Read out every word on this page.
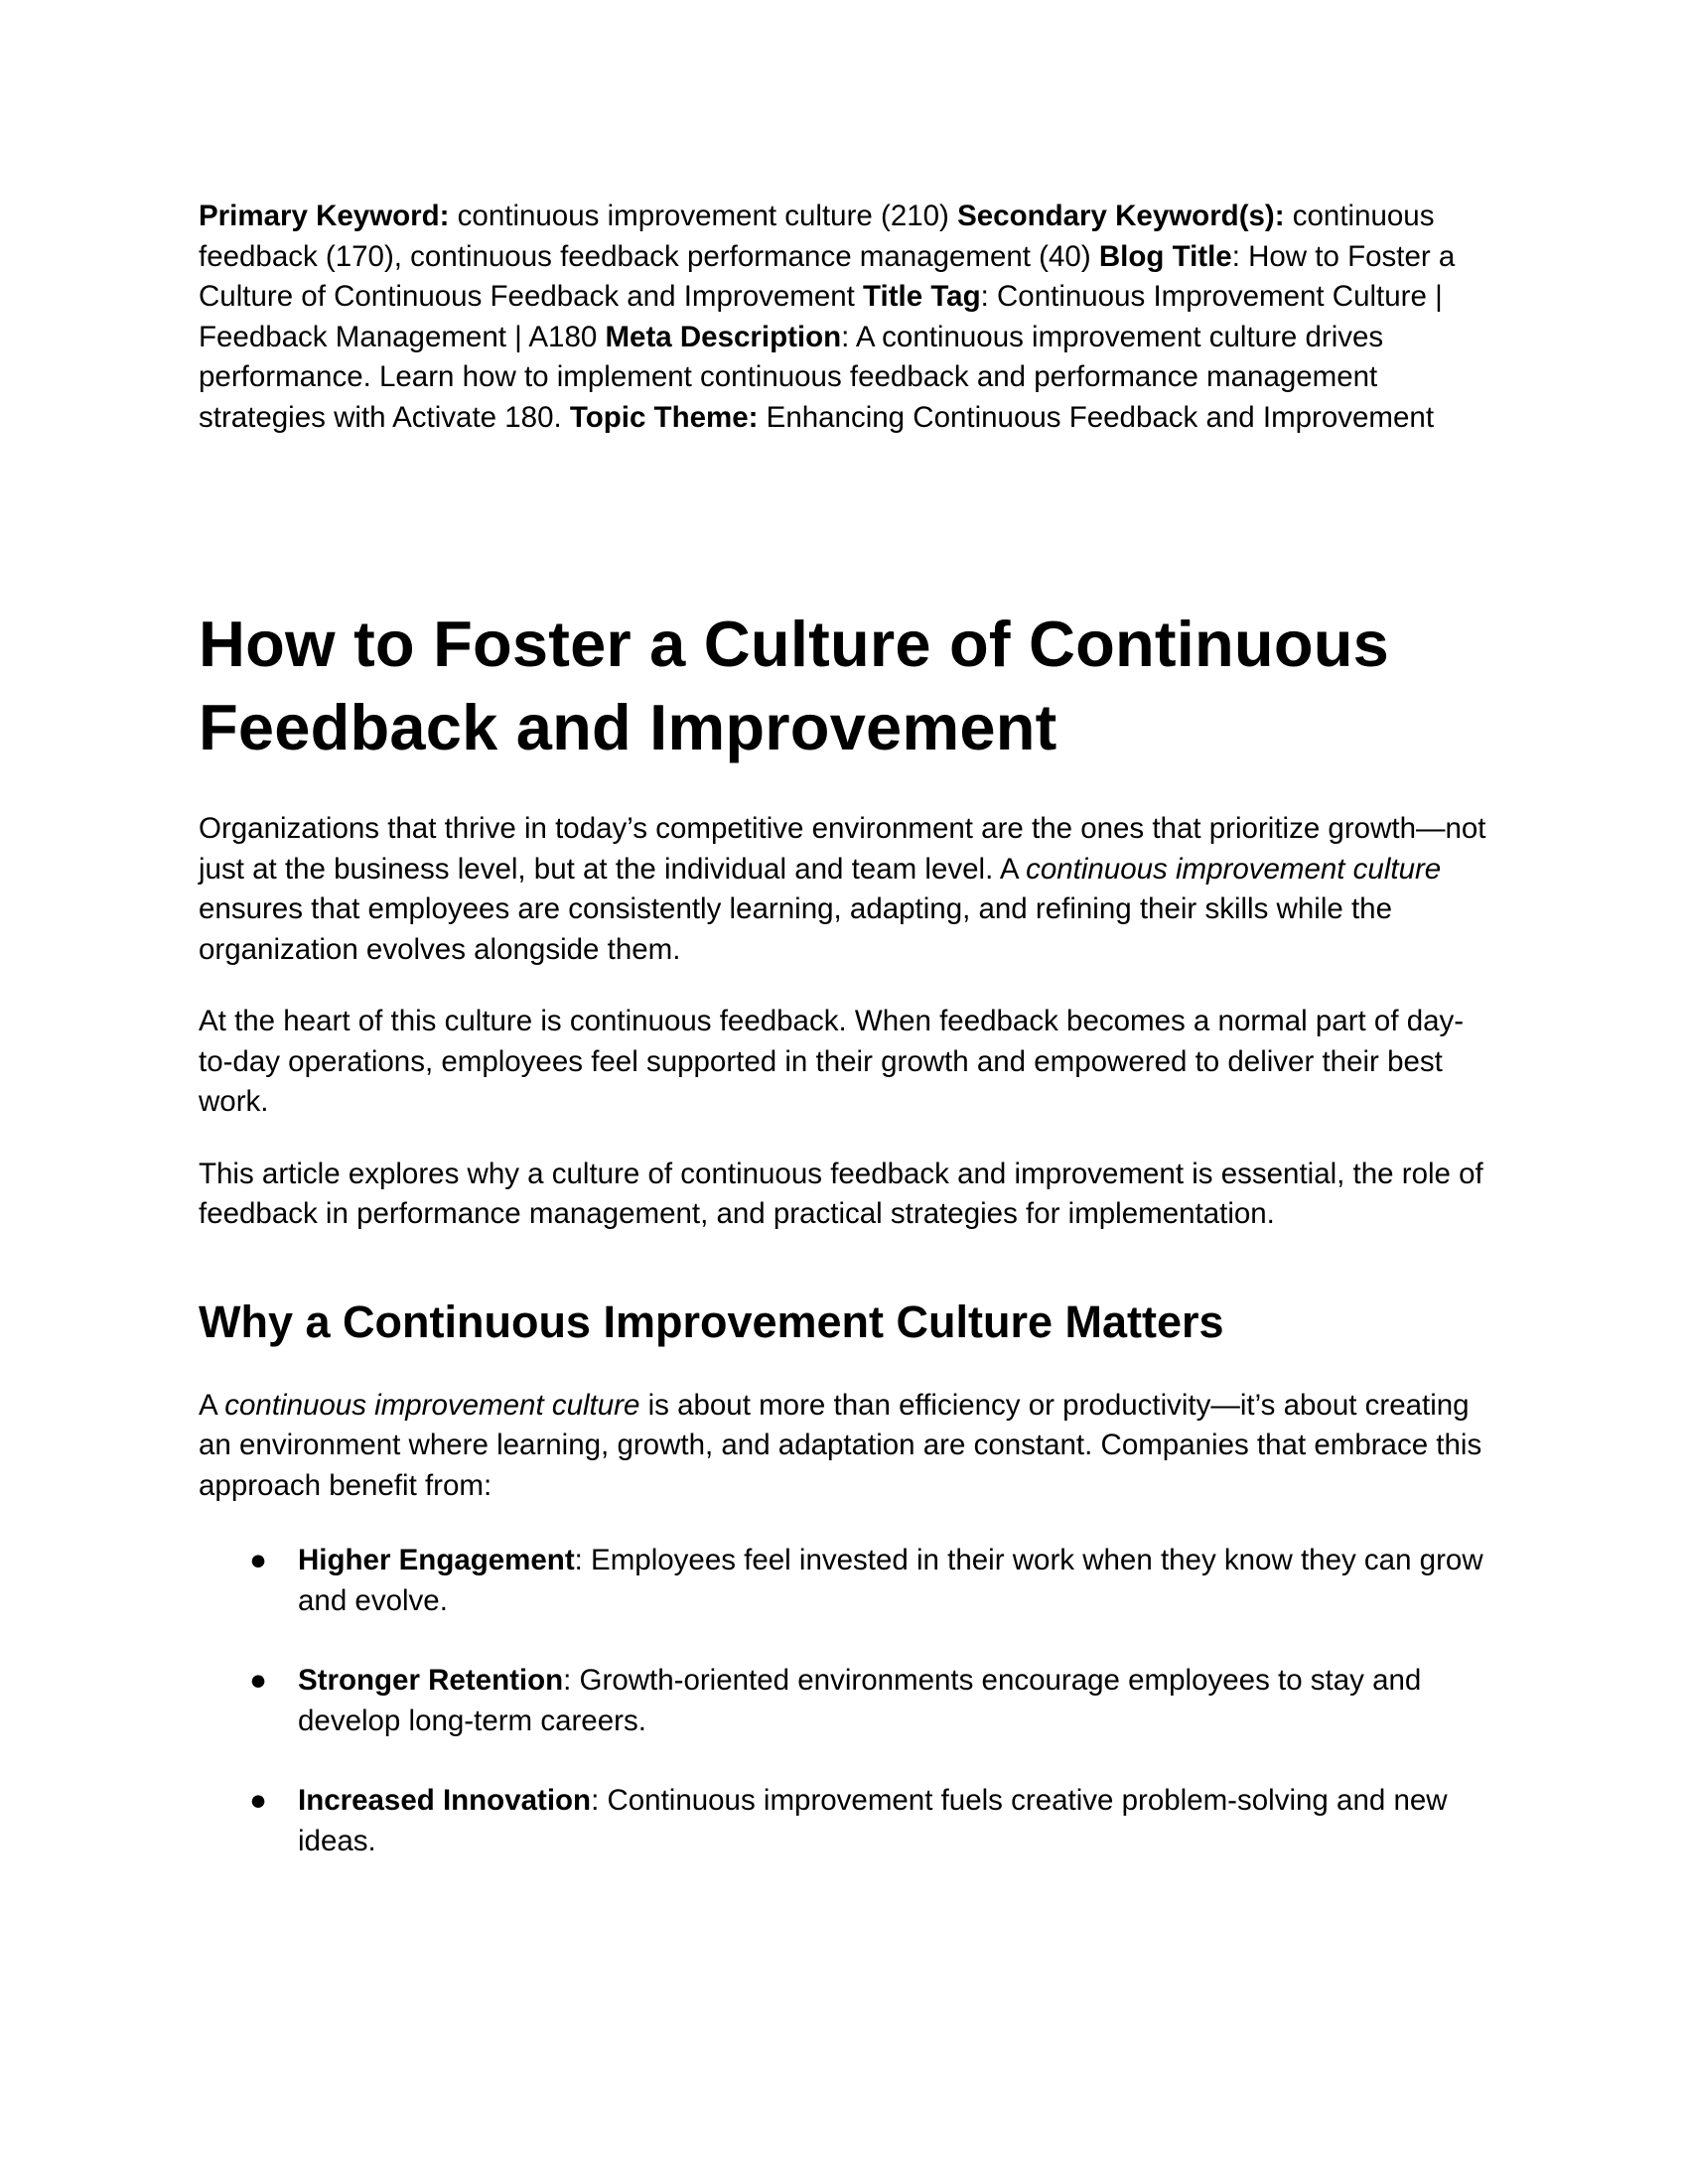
Primary Keyword: continuous improvement culture (210) Secondary Keyword(s): continuous feedback (170), continuous feedback performance management (40) Blog Title: How to Foster a Culture of Continuous Feedback and Improvement Title Tag: Continuous Improvement Culture | Feedback Management | A180 Meta Description: A continuous improvement culture drives performance. Learn how to implement continuous feedback and performance management strategies with Activate 180. Topic Theme: Enhancing Continuous Feedback and Improvement

How to Foster a Culture of Continuous Feedback and Improvement

Organizations that thrive in today’s competitive environment are the ones that prioritize growth—not just at the business level, but at the individual and team level. A continuous improvement culture ensures that employees are consistently learning, adapting, and refining their skills while the organization evolves alongside them.

At the heart of this culture is continuous feedback. When feedback becomes a normal part of day-to-day operations, employees feel supported in their growth and empowered to deliver their best work.

This article explores why a culture of continuous feedback and improvement is essential, the role of feedback in performance management, and practical strategies for implementation.

Why a Continuous Improvement Culture Matters

A continuous improvement culture is about more than efficiency or productivity—it’s about creating an environment where learning, growth, and adaptation are constant. Companies that embrace this approach benefit from:

● Higher Engagement: Employees feel invested in their work when they know they can grow and evolve.
● Stronger Retention: Growth-oriented environments encourage employees to stay and develop long-term careers.
● Increased Innovation: Continuous improvement fuels creative problem-solving and new ideas.
